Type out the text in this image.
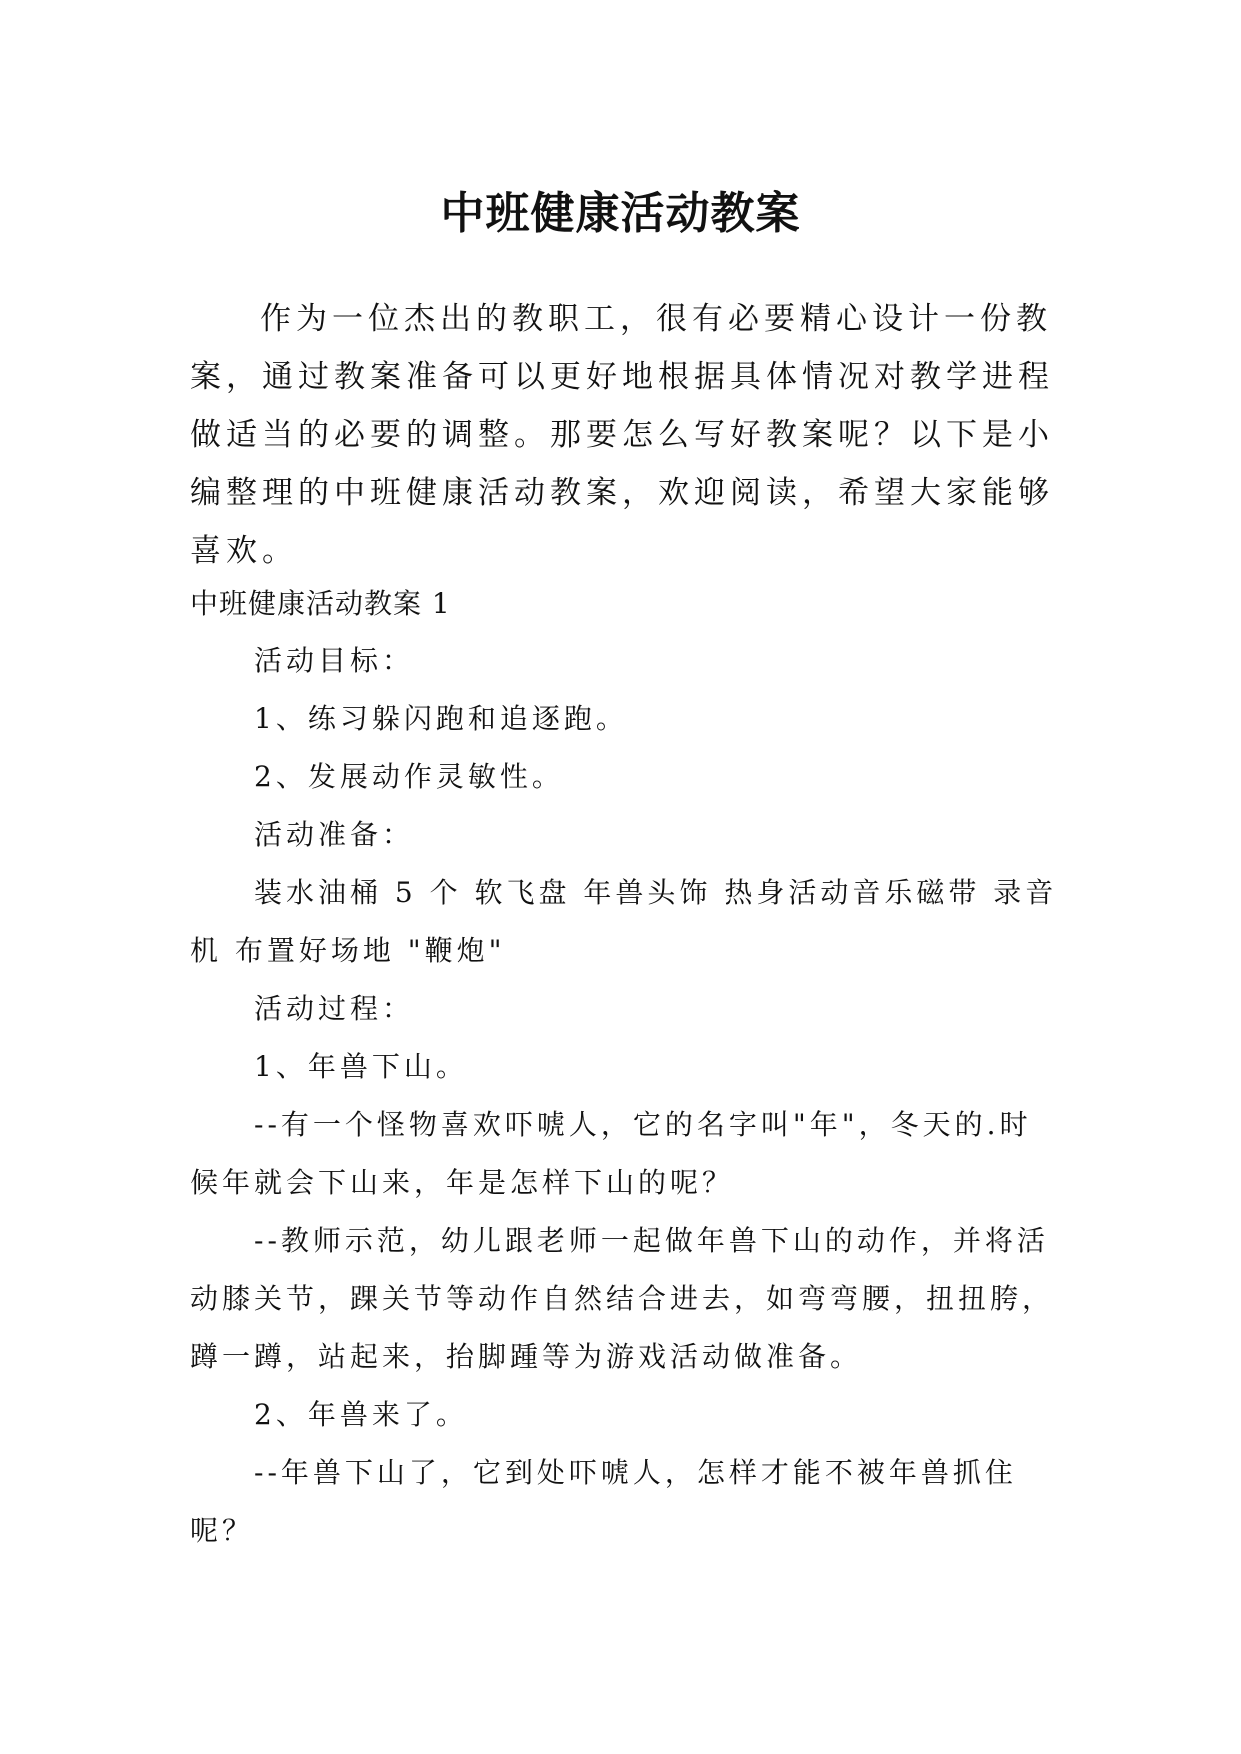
中班健康活动教案

作为一位杰出的教职工，很有必要精心设计一份教案，通过教案准备可以更好地根据具体情况对教学进程做适当的必要的调整。那要怎么写好教案呢？以下是小编整理的中班健康活动教案，欢迎阅读，希望大家能够喜欢。

中班健康活动教案 1

活动目标：

1、练习躲闪跑和追逐跑。

2、发展动作灵敏性。

活动准备：

装水油桶 5 个 软飞盘 年兽头饰 热身活动音乐磁带 录音机 布置好场地 "鞭炮"

活动过程：

1、年兽下山。

--有一个怪物喜欢吓唬人，它的名字叫"年"，冬天的.时候年就会下山来，年是怎样下山的呢？

--教师示范，幼儿跟老师一起做年兽下山的动作，并将活动膝关节，踝关节等动作自然结合进去，如弯弯腰，扭扭胯，蹲一蹲，站起来，抬脚踵等为游戏活动做准备。

2、年兽来了。

--年兽下山了，它到处吓唬人，怎样才能不被年兽抓住呢？
